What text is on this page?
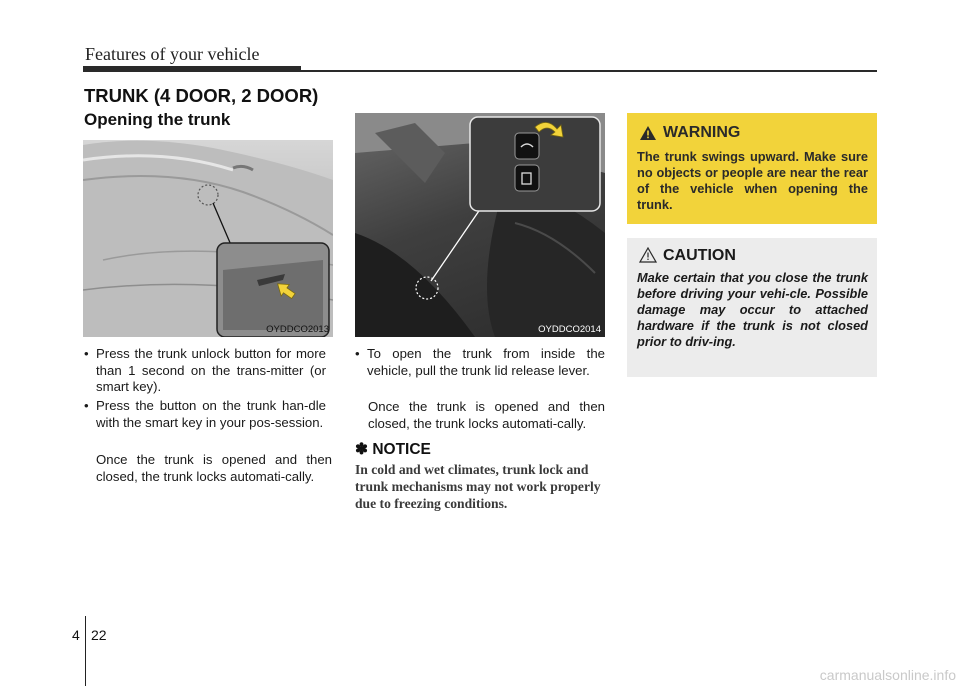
Features of your vehicle
TRUNK (4 DOOR, 2 DOOR)
Opening the trunk
OYDDCO2013	OYDDCO2014
• Press the trunk unlock button for more than 1 second on the trans-mitter (or smart key).
• Press the button on the trunk han-dle with the smart key in your pos-session.
Once the trunk is opened and then closed, the trunk locks automati-cally.
• To open the trunk from inside the vehicle, pull the trunk lid release lever.
Once the trunk is opened and then closed, the trunk locks automati-cally.
✽ NOTICE
In cold and wet climates, trunk lock and trunk mechanisms may not work properly due to freezing conditions.
WARNING
The trunk swings upward. Make sure no objects or people are near the rear of the vehicle when opening the trunk.
CAUTION
Make certain that you close the trunk before driving your vehi-cle. Possible damage may occur to attached hardware if the trunk is not closed prior to driv-ing.
4 22
carmanualsonline.info
